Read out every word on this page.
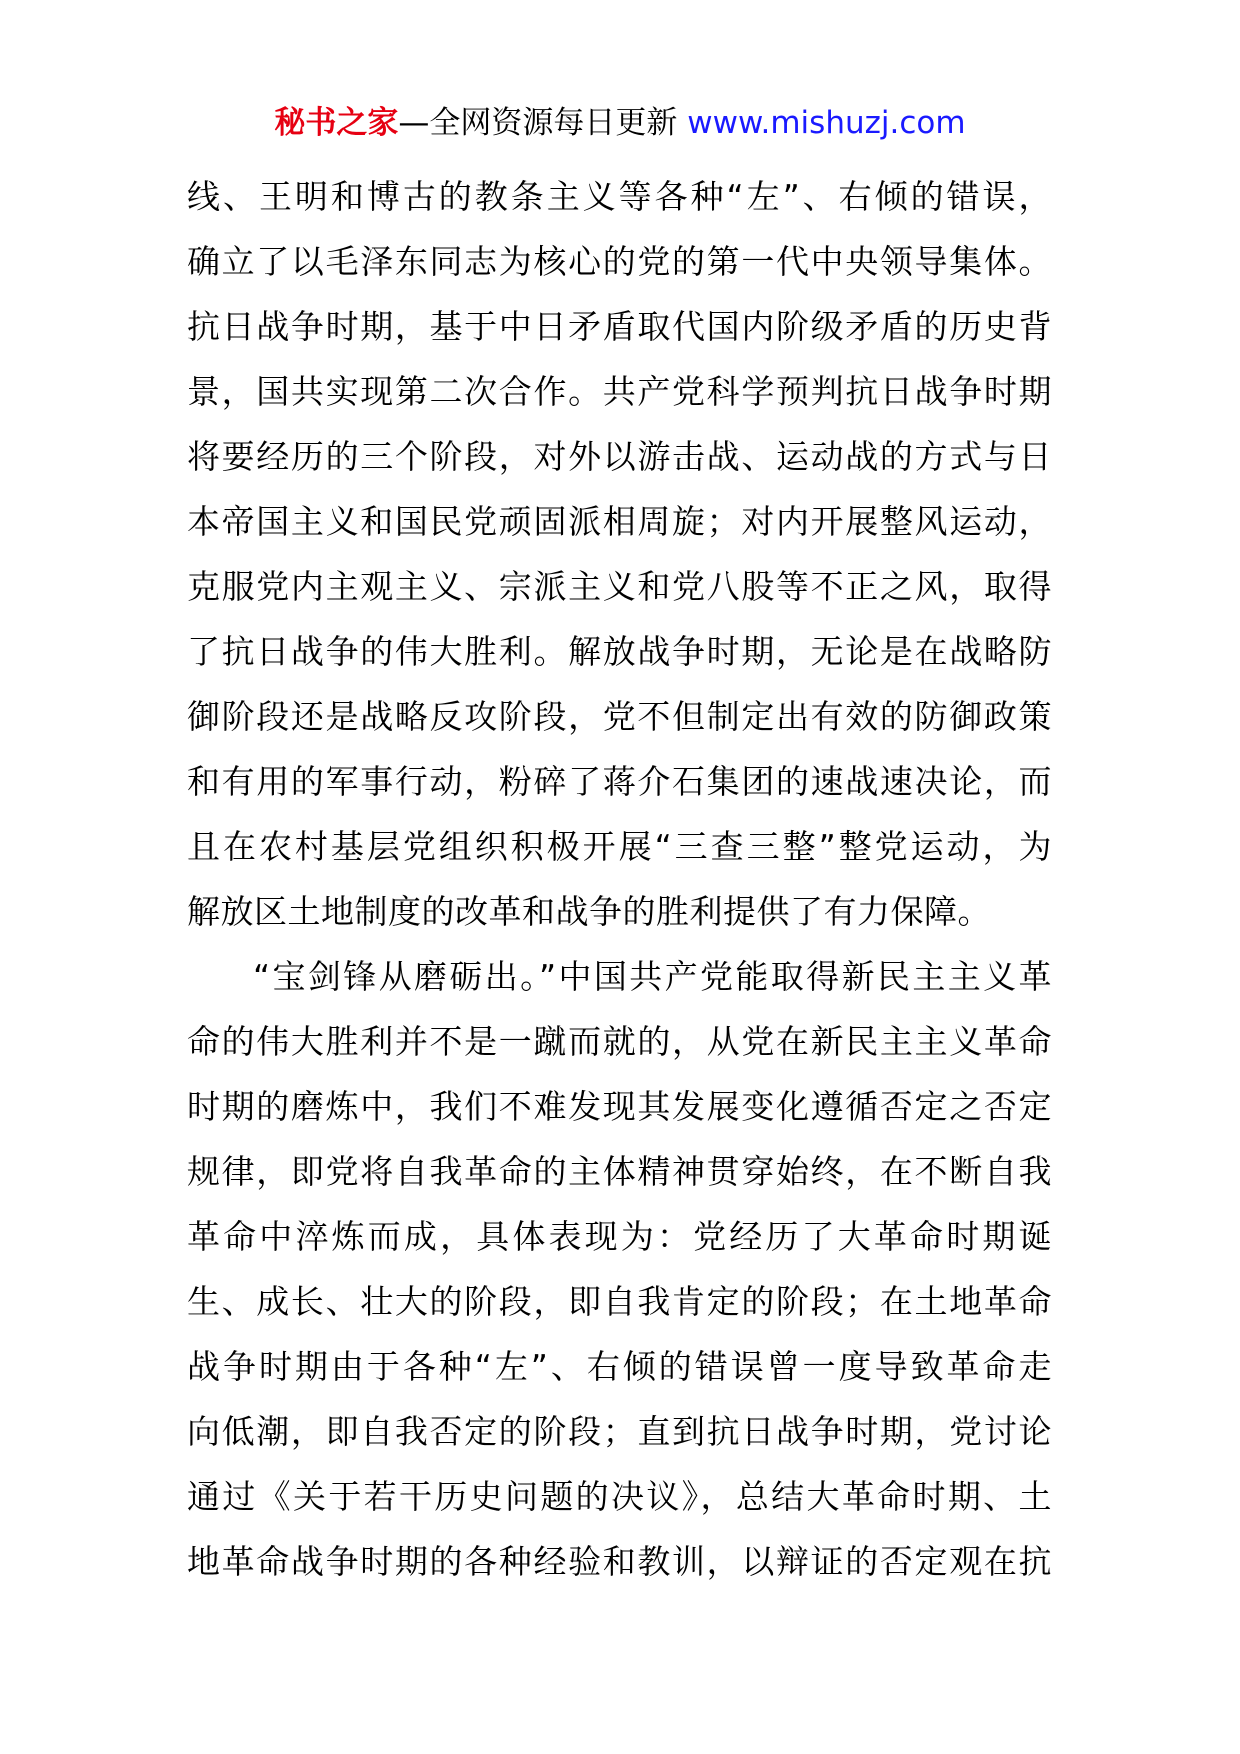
秘书之家—全网资源每日更新 www.mishuzj.com
线、王明和博古的教条主义等各种“左”、右倾的错误，
确立了以毛泽东同志为核心的党的第一代中央领导集体。
抗日战争时期，基于中日矛盾取代国内阶级矛盾的历史背
景，国共实现第二次合作。共产党科学预判抗日战争时期
将要经历的三个阶段，对外以游击战、运动战的方式与日
本帝国主义和国民党顽固派相周旋；对内开展整风运动，
克服党内主观主义、宗派主义和党八股等不正之风，取得
了抗日战争的伟大胜利。解放战争时期，无论是在战略防
御阶段还是战略反攻阶段，党不但制定出有效的防御政策
和有用的军事行动，粉碎了蒋介石集团的速战速决论，而
且在农村基层党组织积极开展“三查三整”整党运动，为
解放区土地制度的改革和战争的胜利提供了有力保障。
“宝剑锋从磨砺出。”中国共产党能取得新民主主义革
命的伟大胜利并不是一蹴而就的，从党在新民主主义革命
时期的磨炼中，我们不难发现其发展变化遵循否定之否定
规律，即党将自我革命的主体精神贯穿始终，在不断自我
革命中淬炼而成，具体表现为：党经历了大革命时期诞
生、成长、壮大的阶段，即自我肯定的阶段；在土地革命
战争时期由于各种“左”、右倾的错误曾一度导致革命走
向低潮，即自我否定的阶段；直到抗日战争时期，党讨论
通过《关于若干历史问题的决议》，总结大革命时期、土
地革命战争时期的各种经验和教训，以辩证的否定观在抗
